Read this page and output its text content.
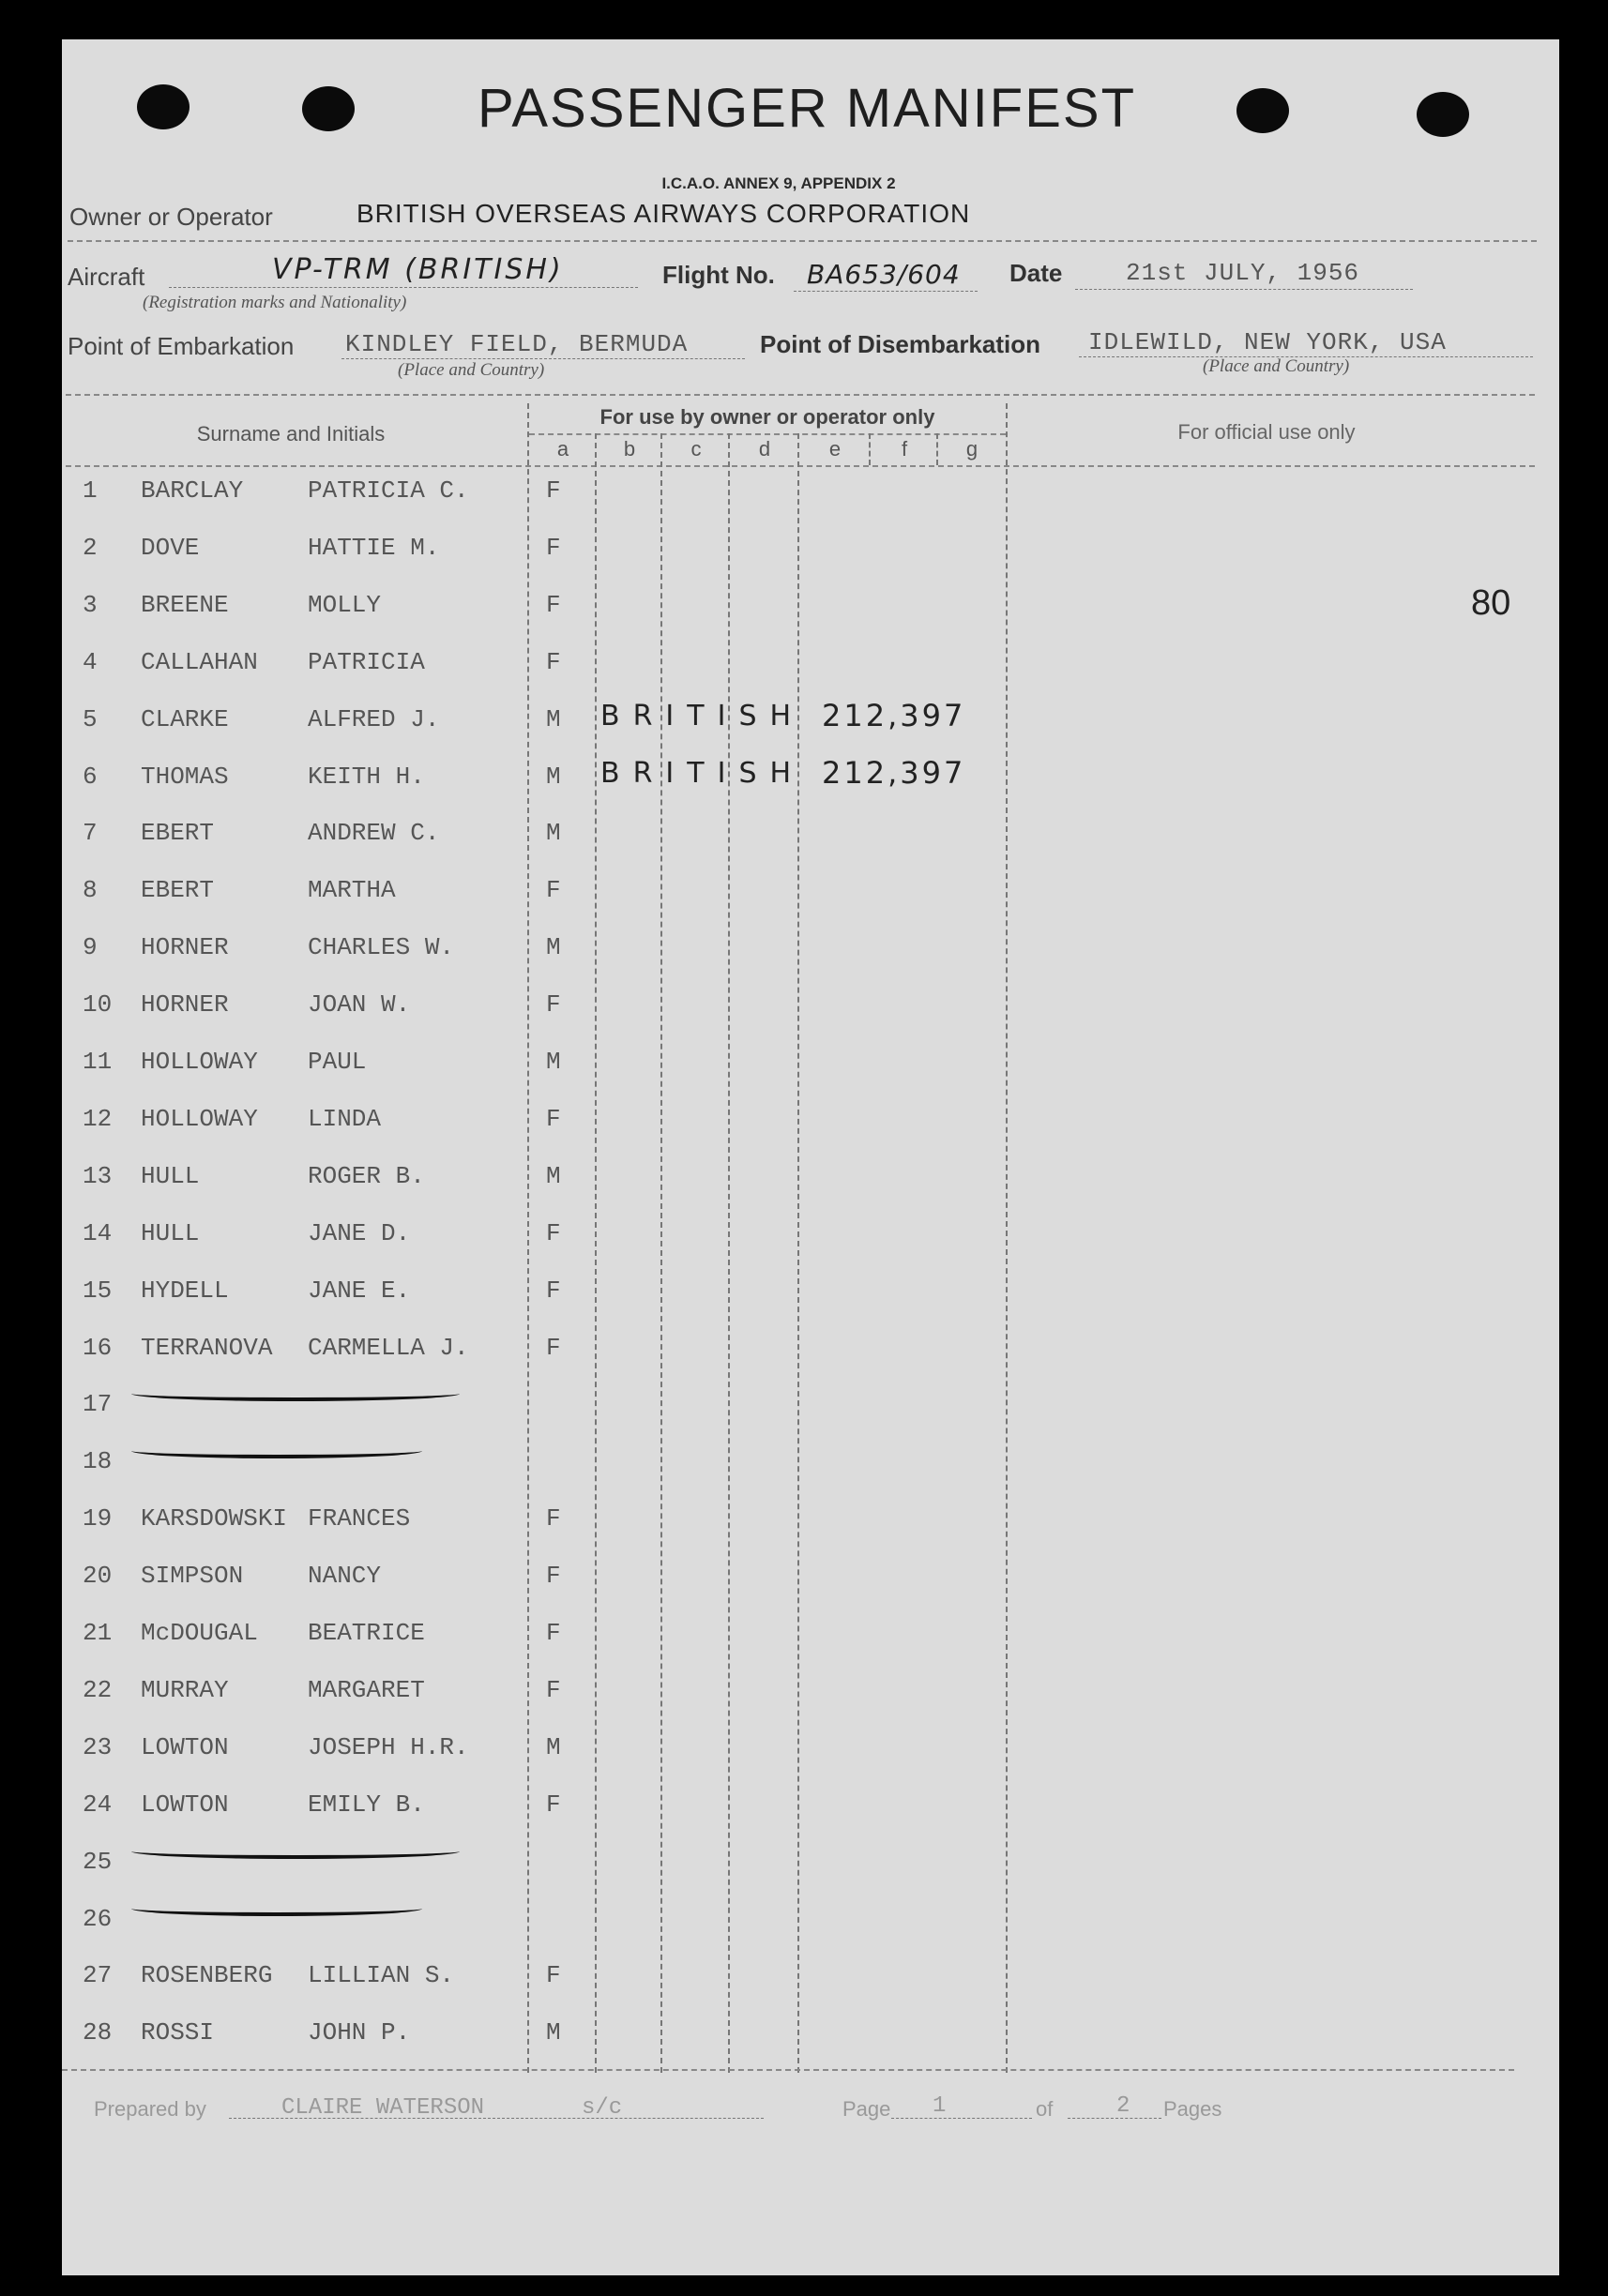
PASSENGER MANIFEST
I.C.A.O. ANNEX 9, APPENDIX 2
Owner or Operator	BRITISH OVERSEAS AIRWAYS CORPORATION
Aircraft	VP-TRM (BRITISH)
(Registration marks and Nationality)
Flight No. BA653/604 Date	21st JULY, 1956
Point of Embarkation KINDLEY FIELD, BERMUDA
(Place and Country)
Point of Disembarkation IDLEWILD, NEW YORK, USA
(Place and Country)
Surname and Initials
For use by owner or operator only
For official use only
a	b	c	d	e	f	g
80
1 BARCLAY	PATRICIA C.	F
2 DOVE	HATTIE M.	F
3 BREENE	MOLLY	F
4 CALLAHAN PATRICIA	F
5 CLARKE	ALFRED J.	M BRITISH 212,397
6 THOMAS	KEITH H.	M BRITISH 212,397
7 EBERT	ANDREW C.	M
8 EBERT	MARTHA	F
9 HORNER	CHARLES W.	M
10 HORNER	JOAN W.	F
11 HOLLOWAY PAUL	M
12 HOLLOWAY LINDA	F
13 HULL	ROGER B.	M
14 HULL	JANE D.	F
15 HYDELL	JANE E.	F
16 TERRANOVA CARMELLA J.	F
17
18
19 KARSDOWSKI FRANCES	F
20 SIMPSON	NANCY	F
21 McDOUGAL BEATRICE	F
22 MURRAY	MARGARET	F
23 LOWTON	JOSEPH H.R.	M
24 LOWTON	EMILY B.	F
25
26
27 ROSENBERG LILLIAN S.	F
28 ROSSI	JOHN P.	M
Prepared by	CLAIRE WATERSON	s/c	Page 1	of	2 Pages
